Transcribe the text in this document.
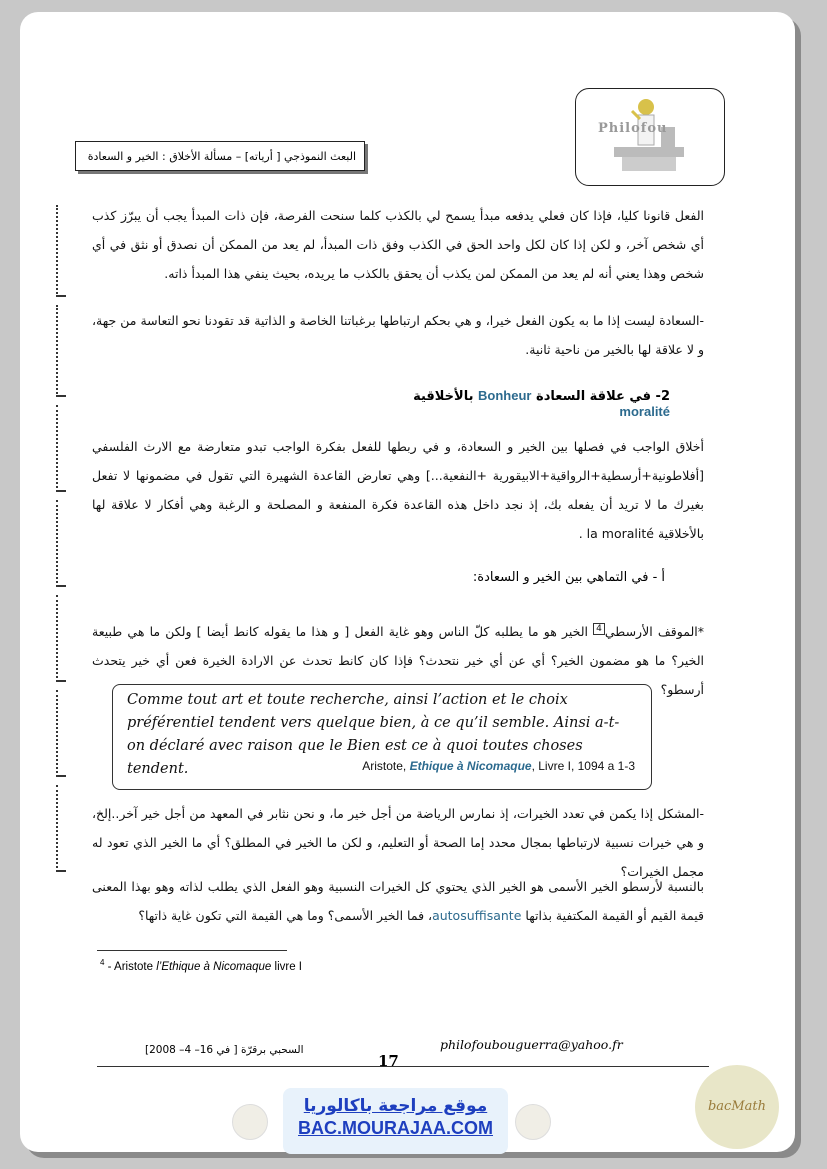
Philofou
البعث النموذجي [ أرياته] – مسألة الأخلاق : الخير و السعادة

الفعل قانونا كليا، فإذا كان فعلي يدفعه مبدأ يسمح لي بالكذب كلما سنحت الفرصة، فإن ذات المبدأ يجب أن يبرّز كذب أي شخص آخر، و لكن إذا كان لكل واحد الحق في الكذب وفق ذات المبدأ، لم يعد من الممكن أن نصدق أو نثق في أي شخص وهذا يعني أنه لم يعد من الممكن لمن يكذب أن يحقق بالكذب ما يريده، بحيث ينفي هذا المبدأ ذاته.

-السعادة ليست إذا ما به يكون الفعل خيرا، و هي بحكم ارتباطها برغباتنا الخاصة و الذاتية قد تقودنا نحو التعاسة من جهة، و لا علاقة لها بالخير من ناحية ثانية.

2- في علاقة السعادة Bonheur بالأخلاقية moralité

أخلاق الواجب في فصلها بين الخير و السعادة، و في ربطها للفعل بفكرة الواجب تبدو متعارضة مع الارث الفلسفي [أفلاطونية+أرسطية+الرواقية+الابيقورية +النفعية...] وهي تعارض القاعدة الشهيرة التي تقول في مضمونها لا تفعل بغيرك ما لا تريد أن يفعله بك، إذ نجد داخل هذه القاعدة فكرة المنفعة و المصلحة و الرغبة وهي أفكار لا علاقة لها بالأخلاقية la moralité .

أ - في التماهي بين الخير و السعادة:

*الموقف الأرسطي$^4$ الخير هو ما يطلبه كلّ الناس وهو غاية الفعل [ و هذا ما يقوله كانط أيضا ] ولكن ما هي طبيعة الخير؟ ما هو مضمون الخير؟ أي عن أي خير نتحدث؟ فإذا كان كانط تحدث عن الارادة الخيرة فعن أي خير يتحدث أرسطو؟

Comme tout art et toute recherche, ainsi l’action et le choix préférentiel tendent vers quelque bien, à ce qu’il semble. Ainsi a-t-on déclaré avec raison que le Bien est ce à quoi toutes choses tendent.	Aristote, Ethique à Nicomaque, Livre I, 1094 a 1-3

-المشكل إذا يكمن في تعدد الخيرات، إذ نمارس الرياضة من أجل خير ما، و نحن نثابر في المعهد من أجل خير آخر..إلخ، و هي خيرات نسبية لارتباطها بمجال محدد إما الصحة أو التعليم، و لكن ما الخير في المطلق؟ أي ما الخير الذي تعود له مجمل الخيرات؟

بالنسبة لأرسطو الخير الأسمى هو الخير الذي يحتوي كل الخيرات النسبية وهو الفعل الذي يطلب لذاته وهو بهذا المعنى قيمة القيم أو القيمة المكتفية بذاتها autosuffisante، فما الخير الأسمى؟ وما هي القيمة التي تكون غاية ذاتها؟

$^4$ - Aristote l’Ethique à Nicomaque livre I
philofoubouguerra@yahoo.fr
السحبي برقرّة [ في 16– 4– 2008]
17
موقع مراجعة باكالوريا
BAC.MOURAJAA.COM
bacMath
